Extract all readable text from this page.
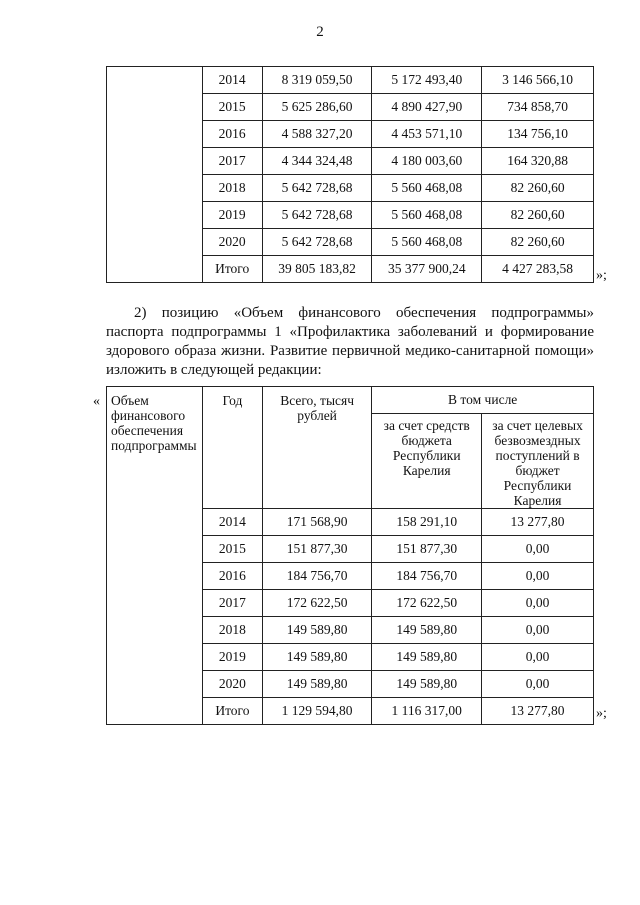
2
	2014	8 319 059,50	5 172 493,40	3 146 566,10
	2015	5 625 286,60	4 890 427,90	734 858,70
	2016	4 588 327,20	4 453 571,10	134 756,10
	2017	4 344 324,48	4 180 003,60	164 320,88
	2018	5 642 728,68	5 560 468,08	82 260,60
	2019	5 642 728,68	5 560 468,08	82 260,60
	2020	5 642 728,68	5 560 468,08	82 260,60
	Итого	39 805 183,82	35 377 900,24	4 427 283,58 »;

2) позицию «Объем финансового обеспечения подпрограммы» паспорта подпрограммы 1 «Профилактика заболеваний и формирование здорового образа жизни. Развитие первичной медико-санитарной помощи» изложить в следующей редакции:

« Объем финансового обеспечения подпрограммы	Год	Всего, тысяч рублей	В том числе	
			за счет средств бюджета Республики Карелия	за счет целевых безвозмездных поступлений в бюджет Республики Карелия
	2014	171 568,90	158 291,10	13 277,80
	2015	151 877,30	151 877,30	0,00
	2016	184 756,70	184 756,70	0,00
	2017	172 622,50	172 622,50	0,00
	2018	149 589,80	149 589,80	0,00
	2019	149 589,80	149 589,80	0,00
	2020	149 589,80	149 589,80	0,00
	Итого	1 129 594,80	1 116 317,00	13 277,80 »;
